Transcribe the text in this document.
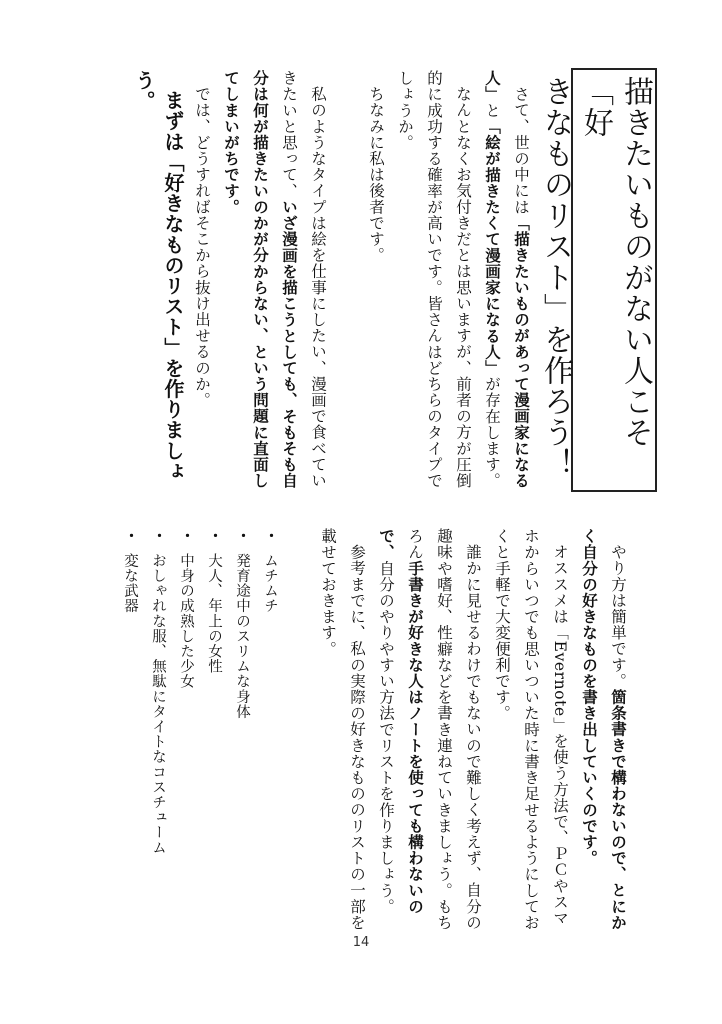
描きたいものがない人こそ「好
きなものリスト」を作ろう！

さて、世の中には「描きたいものがあって漫画家になる人」と「絵が描きたくて漫画家になる人」が存在します。

なんとなくお気付きだとは思いますが、前者の方が圧倒的に成功する確率が高いです。皆さんはどちらのタイプでしょうか。

ちなみに私は後者です。

私のようなタイプは絵を仕事にしたい、漫画で食べていきたいと思って、いざ漫画を描こうとしても、そもそも自分は何が描きたいのかが分からない、という問題に直面してしまいがちです。

では、どうすればそこから抜け出せるのか。

まずは「好きなものリスト」を作りましょう。

やり方は簡単です。箇条書きで構わないので、とにかく自分の好きなものを書き出していくのです。

オススメは「Evernote」を使う方法で、ＰＣやスマホからいつでも思いついた時に書き足せるようにしておくと手軽で大変便利です。

誰かに見せるわけでもないので難しく考えず、自分の趣味や嗜好、性癖などを書き連ねていきましょう。もちろん手書きが好きな人はノートを使っても構わないので、自分のやりやすい方法でリストを作りましょう。

参考までに、私の実際の好きなもののリストの一部を載せておきます。

・ムチムチ
・発育途中のスリムな身体
・大人、年上の女性
・中身の成熟した少女
・おしゃれな服、無駄にタイトなコスチューム
・変な武器
14
